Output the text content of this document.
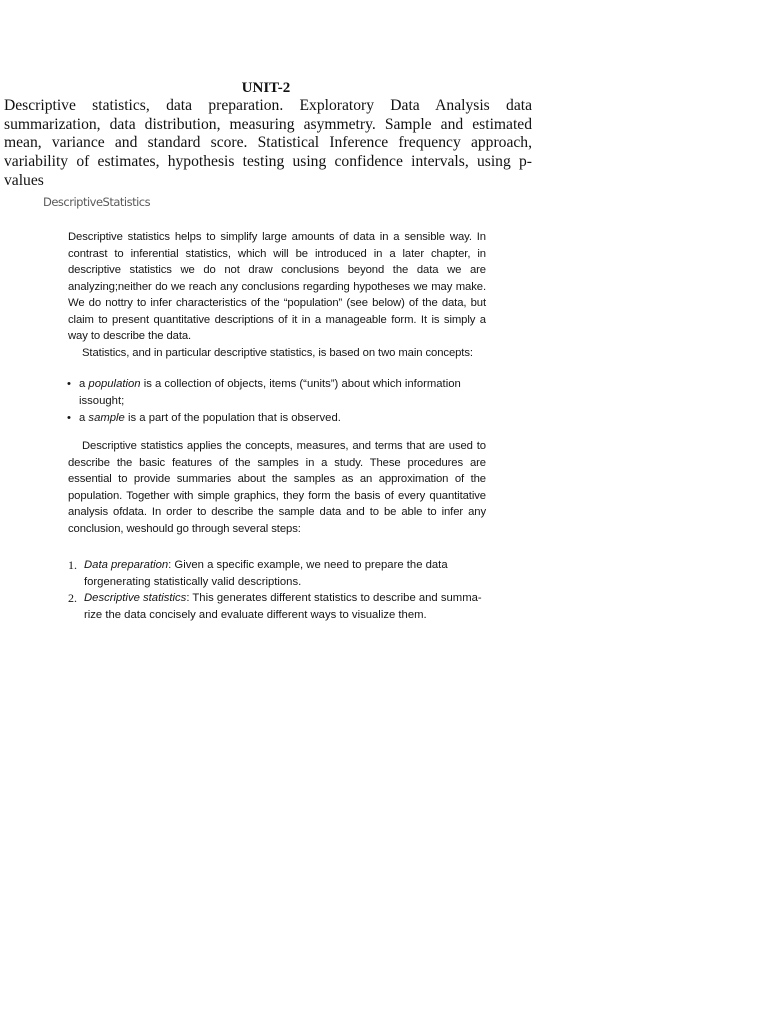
UNIT-2

Descriptive statistics, data preparation. Exploratory Data Analysis data summarization, data distribution, measuring asymmetry. Sample and estimated mean, variance and standard score. Statistical Inference frequency approach, variability of estimates, hypothesis testing using confidence intervals, using p-values

DescriptiveStatistics

Descriptive statistics helps to simplify large amounts of data in a sensible way. In contrast to inferential statistics, which will be introduced in a later chapter, in descriptive statistics we do not draw conclusions beyond the data we are analyzing;neither do we reach any conclusions regarding hypotheses we may make. We do nottry to infer characteristics of the “population” (see below) of the data, but claim to present quantitative descriptions of it in a manageable form. It is simply a way to describe the data.

Statistics, and in particular descriptive statistics, is based on two main concepts:

• a population is a collection of objects, items (“units”) about which information issought;
• a sample is a part of the population that is observed.

Descriptive statistics applies the concepts, measures, and terms that are used to describe the basic features of the samples in a study. These procedures are essential to provide summaries about the samples as an approximation of the population. Together with simple graphics, they form the basis of every quantitative analysis ofdata. In order to describe the sample data and to be able to infer any conclusion, weshould go through several steps:

1. Data preparation: Given a specific example, we need to prepare the data forgenerating statistically valid descriptions.
2. Descriptive statistics: This generates different statistics to describe and summa-rize the data concisely and evaluate different ways to visualize them.
